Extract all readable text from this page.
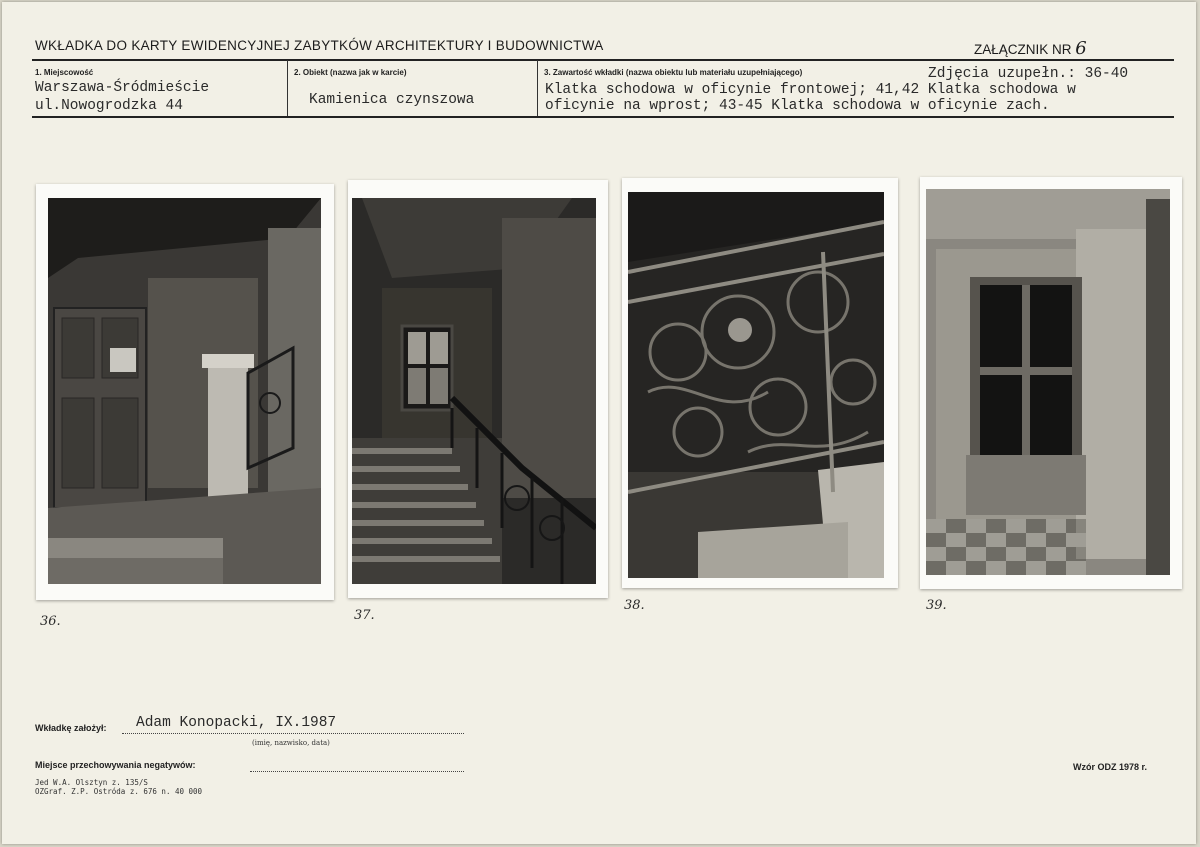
WKŁADKA DO KARTY EWIDENCYJNEJ ZABYTKÓW ARCHITEKTURY I BUDOWNICTWA	ZAŁĄCZNIK NR 6
1. Miejscowość
Warszawa-Śródmieście
ul.Nowogrodzka 44
2. Obiekt (nazwa jak w karcie)
Kamienica czynszowa
3. Zawartość wkładki (nazwa obiektu lub materiału uzupełniającego)	Zdjęcia uzupełn.: 36-40
Klatka schodowa w oficynie frontowej; 41,42 Klatka schodowa w
oficynie na wprost; 43-45 Klatka schodowa w oficynie zach.
36.	37.
38.	39.
Wkładkę założył: Adam Konopacki, IX.1987
(imię, nazwisko, data)
Miejsce przechowywania negatywów:
Jed W.A. Olsztyn z. 135/S
OZGraf. Z.P. Ostróda z. 676 n. 40 000
Wzór ODZ 1978 r.
